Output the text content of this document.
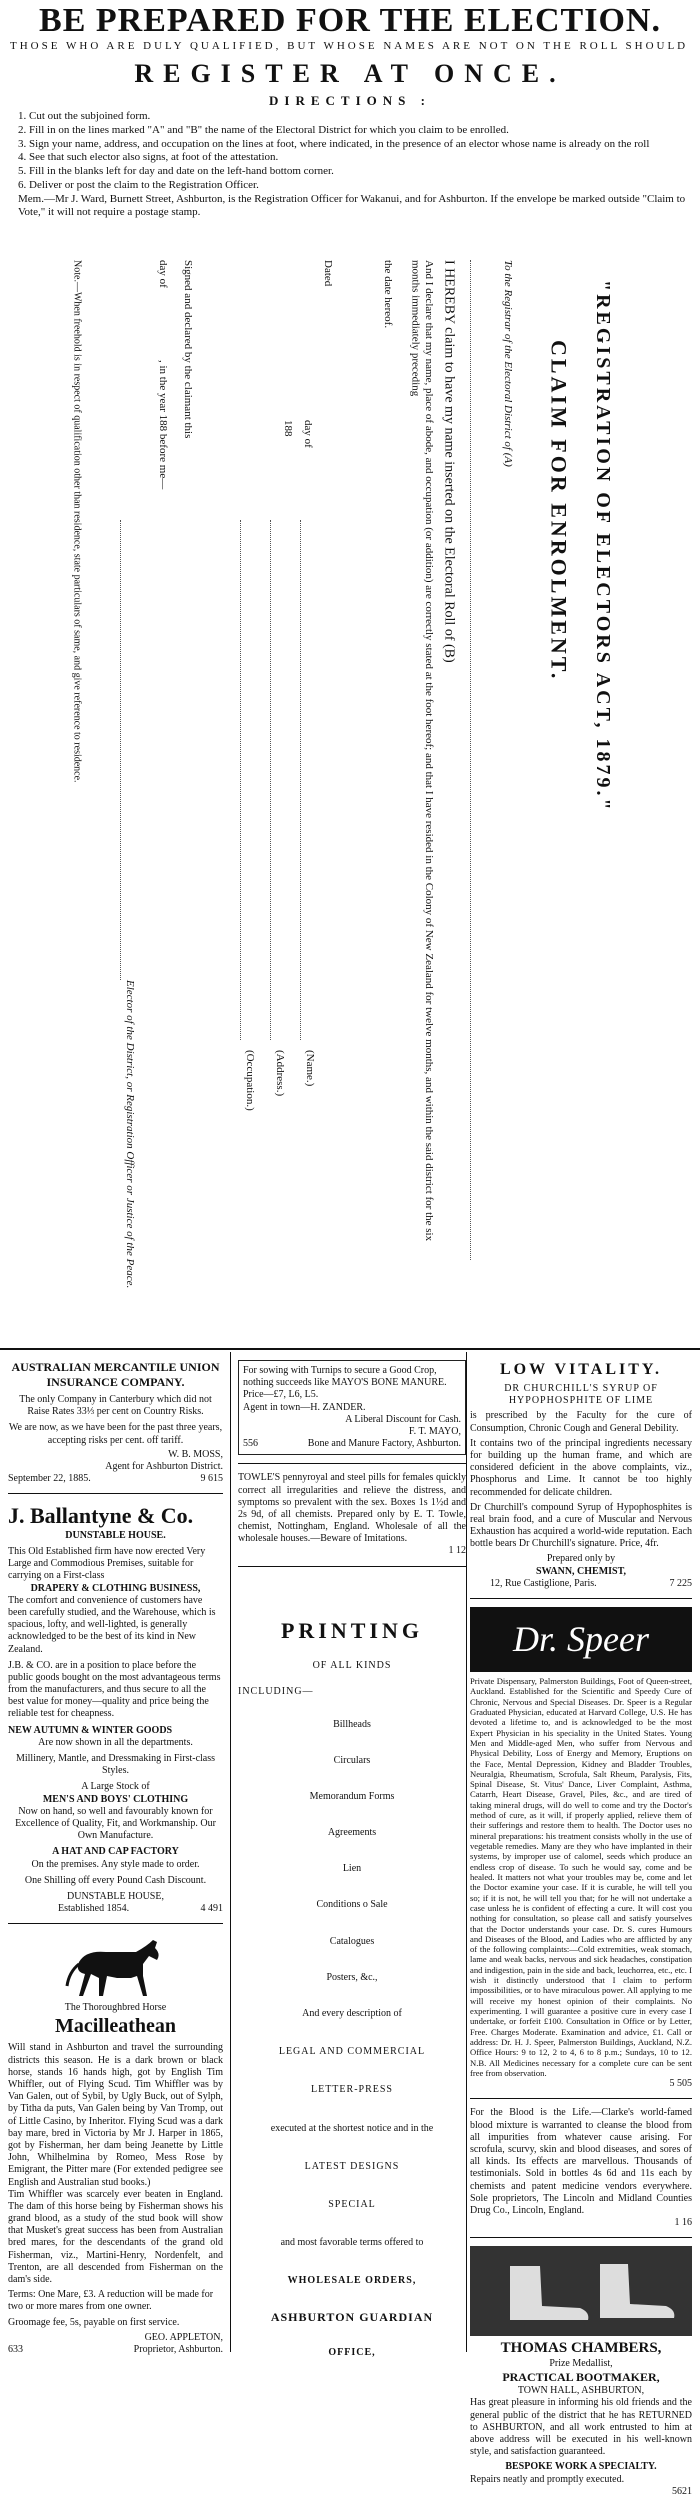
BE PREPARED FOR THE ELECTION.
THOSE WHO ARE DULY QUALIFIED, BUT WHOSE NAMES ARE NOT ON THE ROLL SHOULD
REGISTER AT ONCE.
DIRECTIONS :
1. Cut out the subjoined form.
2. Fill in on the lines marked "A" and "B" the name of the Electoral District for which you claim to be enrolled.
3. Sign your name, address, and occupation on the lines at foot, where indicated, in the presence of an elector whose name is already on the roll
4. See that such elector also signs, at foot of the attestation.
5. Fill in the blanks left for day and date on the left-hand bottom corner.
6. Deliver or post the claim to the Registration Officer.
Mem.—Mr J. Ward, Burnett Street, Ashburton, is the Registration Officer for Wakanui, and for Ashburton. If the envelope be marked outside "Claim to Vote," it will not require a postage stamp.
"REGISTRATION OF ELECTORS ACT, 1879."
CLAIM FOR ENROLMENT.
To the Registrar of the Electoral District of (A)
I HEREBY claim to have my name inserted on the Electoral Roll of (B)
And I declare that my name, place of abode, and occupation (or addition) are correctly stated at the foot hereof; and that I have resided in the Colony of New Zealand for twelve months, and within the said district for the six months immediately preceding
the date hereof.
Dated
day of
188
(Name.)
(Address.)
(Occupation.)
Signed and declared by the claimant this
day of
, in the year 188 before me—
Elector of the District, or Registration Officer or Justice of the Peace.
Note.—When freehold is in respect of qualification other than residence, state particulars of same, and give reference to residence.
AUSTRALIAN MERCANTILE UNION INSURANCE COMPANY.
The only Company in Canterbury which did not Raise Rates 33⅓ per cent on Country Risks.
We are now, as we have been for the past three years, accepting risks per cent. off tariff.
W. B. MOSS,
Agent for Ashburton District.
September 22, 1885.	9 615
J. Ballantyne & Co.
DUNSTABLE HOUSE.
This Old Established firm have now erected Very Large and Commodious Premises, suitable for carrying on a First-class
DRAPERY & CLOTHING BUSINESS,
The comfort and convenience of customers have been carefully studied, and the Warehouse, which is spacious, lofty, and well-lighted, is generally acknowledged to be the best of its kind in New Zealand.
J.B. & CO. are in a position to place before the public goods bought on the most advantageous terms from the manufacturers, and thus secure to all the best value for money—quality and price being the reliable test for cheapness.
NEW AUTUMN & WINTER GOODS
Are now shown in all the departments.
Millinery, Mantle, and Dressmaking in First-class Styles.
A Large Stock of
MEN'S AND BOYS' CLOTHING
Now on hand, so well and favourably known for Excellence of Quality, Fit, and Workmanship. Our Own Manufacture.
A HAT AND CAP FACTORY
On the premises. Any style made to order.
One Shilling off every Pound Cash Discount.
DUNSTABLE HOUSE,
Established 1854.	4 491
The Thoroughbred Horse
Macilleathean
Will stand in Ashburton and travel the surrounding districts this season. He is a dark brown or black horse, stands 16 hands high, got by English Tim Whiffler, out of Flying Scud. Tim Whiffler was by Van Galen, out of Sybil, by Ugly Buck, out of Sylph, by Titha da puts, Van Galen being by Van Tromp, out of Little Casino, by Inheritor. Flying Scud was a dark bay mare, bred in Victoria by Mr J. Harper in 1865, got by Fisherman, her dam being Jeanette by Little John, Whilhelmina by Romeo, Mess Rose by Emigrant, the Pitter mare (For extended pedigree see English and Australian stud books.)
Tim Whiffler was scarcely ever beaten in England. The dam of this horse being by Fisherman shows his grand blood, as a study of the stud book will show that Musket's great success has been from Australian bred mares, for the descendants of the grand old Fisherman, viz., Martini-Henry, Nordenfelt, and Trenton, are all descended from Fisherman on the dam's side.
Terms: One Mare, £3. A reduction will be made for two or more mares from one owner.
Groomage fee, 5s, payable on first service.
GEO. APPLETON,
633	Proprietor, Ashburton.
For sowing with Turnips to secure a Good Crop, nothing succeeds like MAYO'S BONE MANURE. Price—£7, L6, L5.
Agent in town—H. ZANDER.
A Liberal Discount for Cash.
F. T. MAYO,
556	Bone and Manure Factory, Ashburton.
TOWLE'S pennyroyal and steel pills for females quickly correct all irregularities and relieve the distress, and symptoms so prevalent with the sex. Boxes 1s 1½d and 2s 9d, of all chemists. Prepared only by E. T. Towle, chemist, Nottingham, England. Wholesale of all the wholesale houses.—Beware of Imitations.
1 12
PRINTING
OF ALL KINDS
INCLUDING—
Billheads
Circulars
Memorandum Forms
Agreements
Lien
Conditions o Sale
Catalogues
Posters, &c.,
And every description of
LEGAL AND COMMERCIAL
LETTER-PRESS
executed at the shortest notice and in the
LATEST DESIGNS
SPECIAL
and most favorable terms offered to
WHOLESALE ORDERS,
ASHBURTON GUARDIAN
OFFICE,
LOW VITALITY.
DR CHURCHILL'S SYRUP OF HYPOPHOSPHITE OF LIME
is prescribed by the Faculty for the cure of Consumption, Chronic Cough and General Debility.
It contains two of the principal ingredients necessary for building up the human frame, and which are considered deficient in the above complaints, viz., Phosphorus and Lime. It cannot be too highly recommended for delicate children.
Dr Churchill's compound Syrup of Hypophosphites is real brain food, and a cure of Muscular and Nervous Exhaustion has acquired a world-wide reputation. Each bottle bears Dr Churchill's signature. Price, 4fr.
Prepared only by
SWANN, CHEMIST,
12, Rue Castiglione, Paris.	7 225
Dr. Speer
Private Dispensary, Palmerston Buildings, Foot of Queen-street, Auckland. Established for the Scientific and Speedy Cure of Chronic, Nervous and Special Diseases. Dr. Speer is a Regular Graduated Physician, educated at Harvard College, U.S. He has devoted a lifetime to, and is acknowledged to be the most Expert Physician in his speciality in the United States. Young Men and Middle-aged Men, who suffer from Nervous and Physical Debility, Loss of Energy and Memory, Eruptions on the Face, Mental Depression, Kidney and Bladder Troubles, Neuralgia, Rheumatism, Scrofula, Salt Rheum, Paralysis, Fits, Spinal Disease, St. Vitus' Dance, Liver Complaint, Asthma, Catarrh, Heart Disease, Gravel, Piles, &c., and are tired of taking mineral drugs, will do well to come and try the Doctor's method of cure, as it will, if properly applied, relieve them of their sufferings and restore them to health. The Doctor uses no mineral preparations: his treatment consists wholly in the use of vegetable remedies. Many are they who have implanted in their systems, by improper use of calomel, seeds which produce an endless crop of disease. To such he would say, come and be healed. It matters not what your troubles may be, come and let the Doctor examine your case. If it is curable, he will tell you so; if it is not, he will tell you that; for he will not undertake a case unless he is confident of effecting a cure. It will cost you nothing for consultation, so please call and satisfy yourselves that the Doctor understands your case. Dr. S. cures Humours and Diseases of the Blood, and Ladies who are afflicted by any of the following complaints:—Cold extremities, weak stomach, lame and weak backs, nervous and sick headaches, constipation and indigestion, pain in the side and back, leuchorrea, etc., etc. I wish it distinctly understood that I claim to perform impossibilities, or to have miraculous power. All applying to me will receive my honest opinion of their complaints. No experimenting. I will guarantee a positive cure in every case I undertake, or forfeit £100. Consultation in Office or by Letter, Free. Charges Moderate. Examination and advice, £1. Call or address: Dr. H. J. Speer, Palmerston Buildings, Auckland, N.Z. Office Hours: 9 to 12, 2 to 4, 6 to 8 p.m.; Sundays, 10 to 12. N.B. All Medicines necessary for a complete cure can be sent free from observation.
5 505
For the Blood is the Life.—Clarke's world-famed blood mixture is warranted to cleanse the blood from all impurities from whatever cause arising. For scrofula, scurvy, skin and blood diseases, and sores of all kinds. Its effects are marvellous. Thousands of testimonials. Sold in bottles 4s 6d and 11s each by chemists and patent medicine vendors everywhere. Sole proprietors, The Lincoln and Midland Counties Drug Co., Lincoln, England.
1 16
THOMAS CHAMBERS,
Prize Medallist,
PRACTICAL BOOTMAKER,
TOWN HALL, ASHBURTON,
Has great pleasure in informing his old friends and the general public of the district that he has RETURNED to ASHBURTON, and all work entrusted to him at above address will be executed in his well-known style, and satisfaction guaranteed.
BESPOKE WORK A SPECIALTY.
Repairs neatly and promptly executed.
5621
